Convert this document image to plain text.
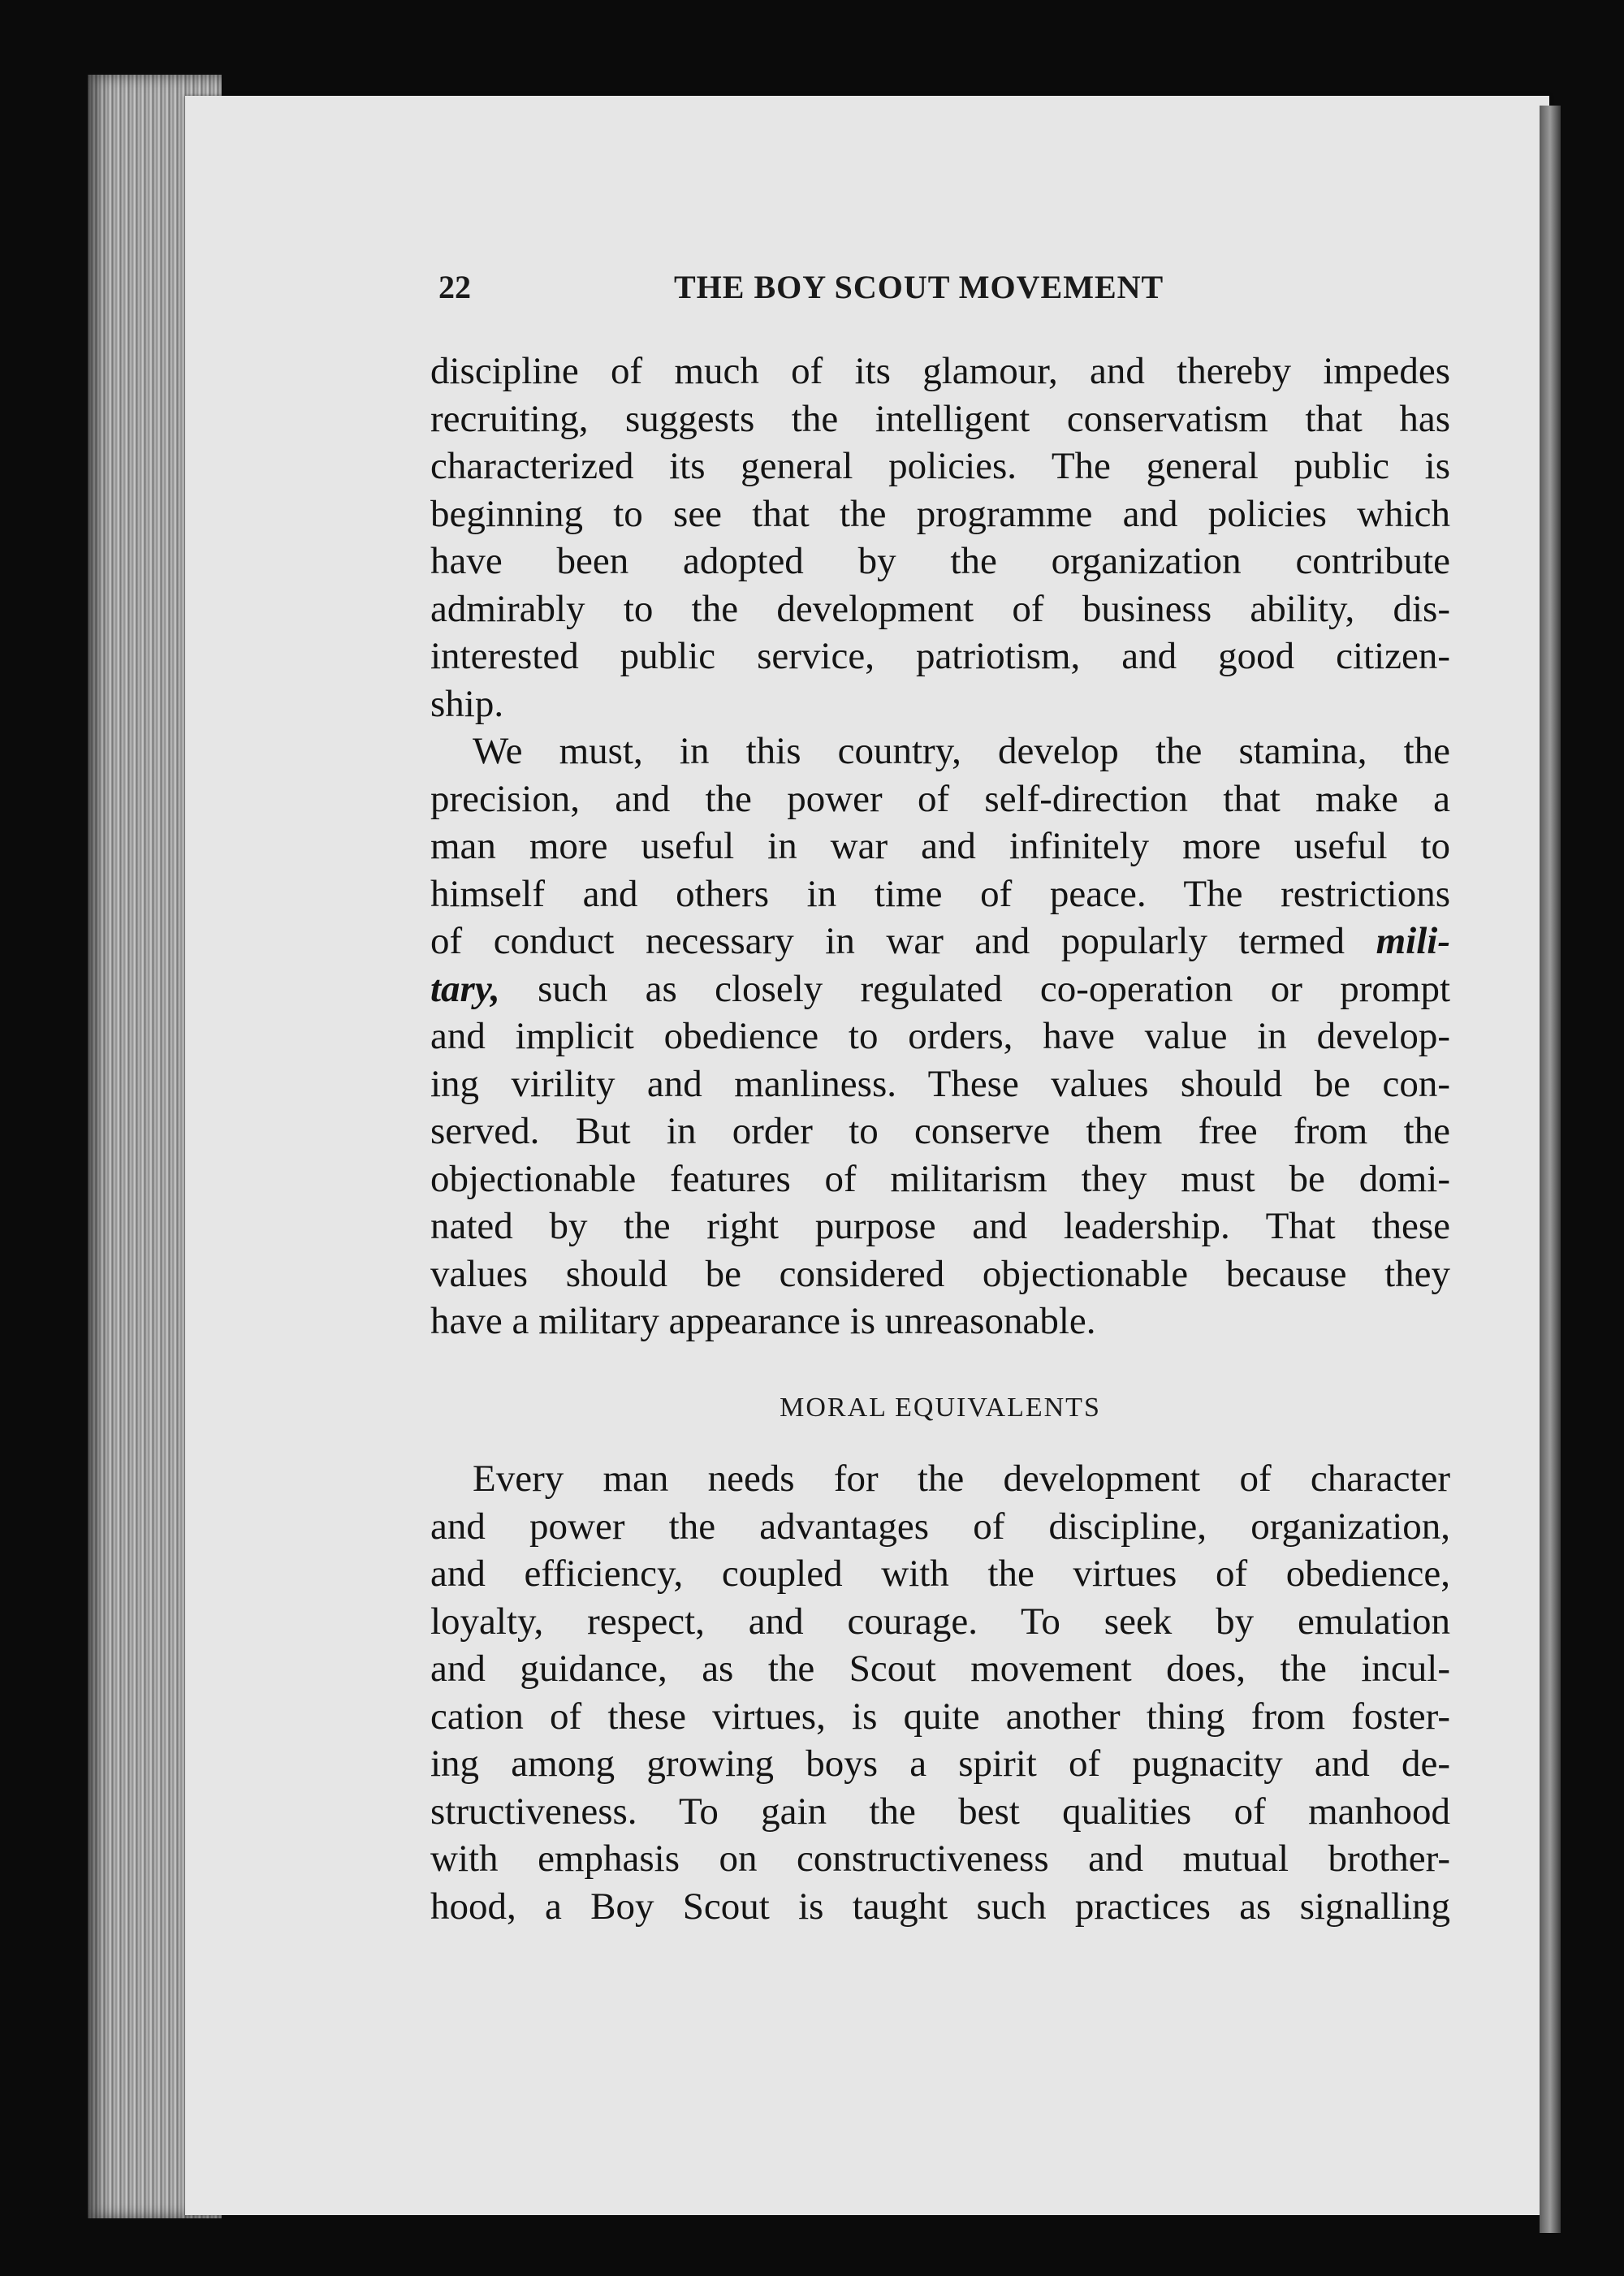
22	THE BOY SCOUT MOVEMENT
discipline of much of its glamour, and thereby impedes
recruiting, suggests the intelligent conservatism that has
characterized its general policies. The general public is
beginning to see that the programme and policies which
have been adopted by the organization contribute
admirably to the development of business ability, dis-
interested public service, patriotism, and good citizen-
ship.
We must, in this country, develop the stamina, the
precision, and the power of self-direction that make a
man more useful in war and infinitely more useful to
himself and others in time of peace. The restrictions
of conduct necessary in war and popularly termed mili-
tary, such as closely regulated co-operation or prompt
and implicit obedience to orders, have value in develop-
ing virility and manliness. These values should be con-
served. But in order to conserve them free from the
objectionable features of militarism they must be domi-
nated by the right purpose and leadership. That these
values should be considered objectionable because they
have a military appearance is unreasonable.
MORAL EQUIVALENTS
Every man needs for the development of character
and power the advantages of discipline, organization,
and efficiency, coupled with the virtues of obedience,
loyalty, respect, and courage. To seek by emulation
and guidance, as the Scout movement does, the incul-
cation of these virtues, is quite another thing from foster-
ing among growing boys a spirit of pugnacity and de-
structiveness. To gain the best qualities of manhood
with emphasis on constructiveness and mutual brother-
hood, a Boy Scout is taught such practices as signalling
